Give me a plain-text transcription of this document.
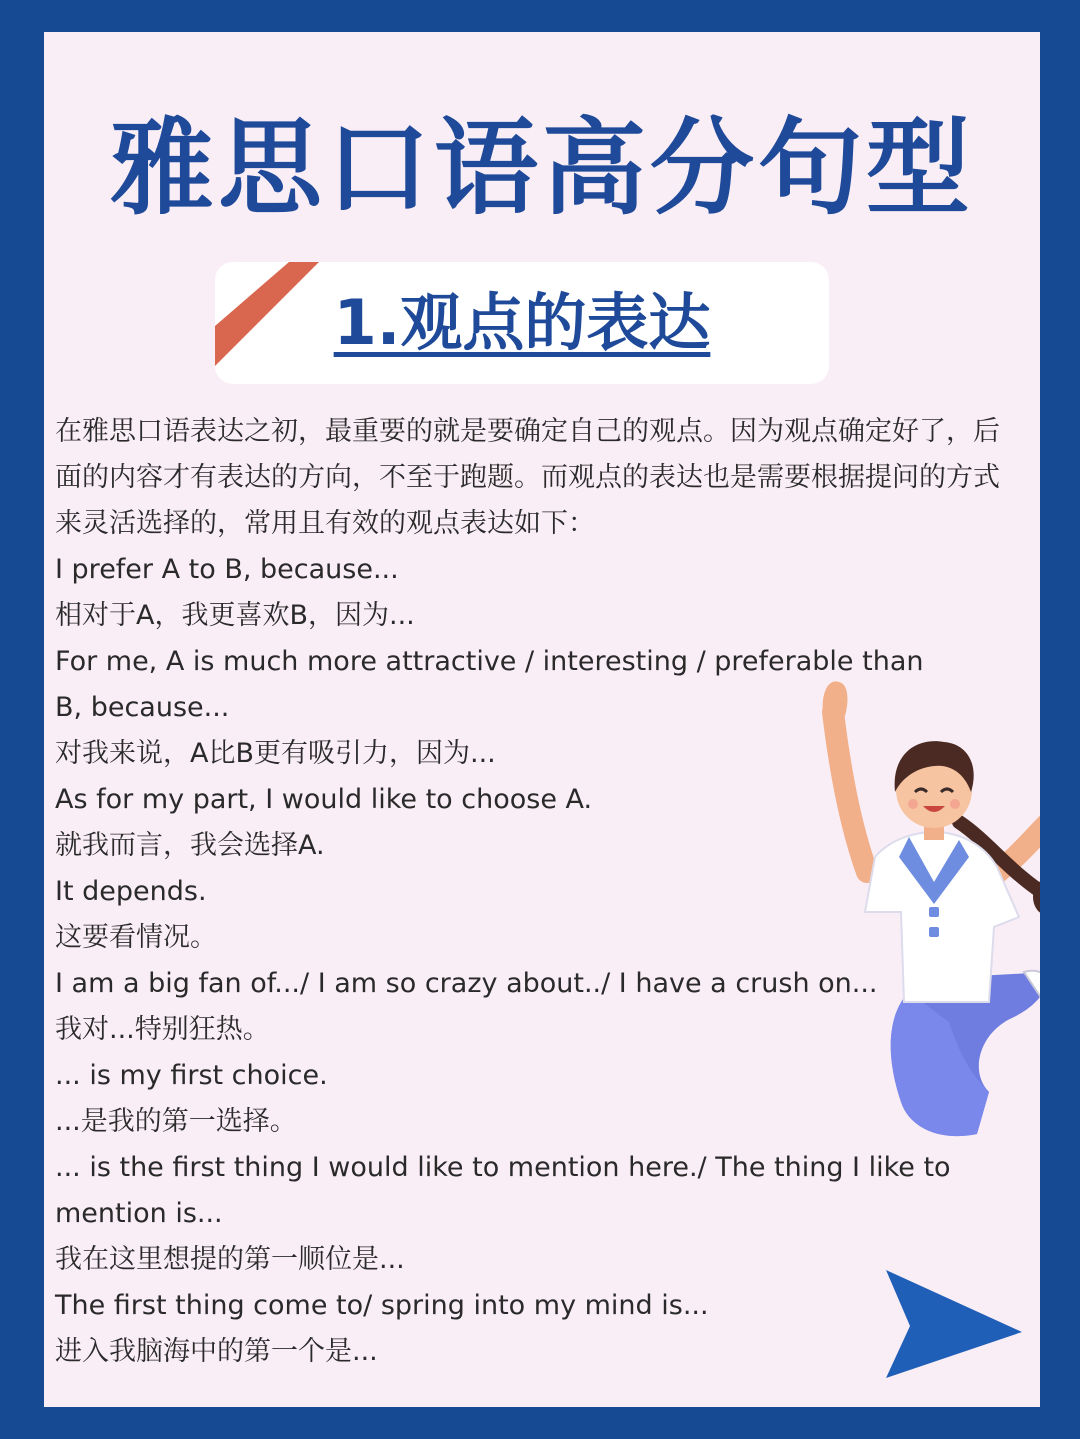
雅思口语高分句型
1.观点的表达

在雅思口语表达之初，最重要的就是要确定自己的观点。因为观点确定好了，后面的内容才有表达的方向，不至于跑题。而观点的表达也是需要根据提问的方式来灵活选择的，常用且有效的观点表达如下：

I prefer A to B, because...
相对于A，我更喜欢B，因为...
For me, A is much more attractive / interesting / preferable than B, because...
对我来说，A比B更有吸引力，因为...
As for my part, I would like to choose A.
就我而言，我会选择A.
It depends.
这要看情况。
I am a big fan of.../ I am so crazy about../ I have a crush on...
我对...特别狂热。
... is my first choice.
...是我的第一选择。
... is the first thing I would like to mention here./ The thing I like to mention is...
我在这里想提的第一顺位是...
The first thing come to/ spring into my mind is...
进入我脑海中的第一个是...
